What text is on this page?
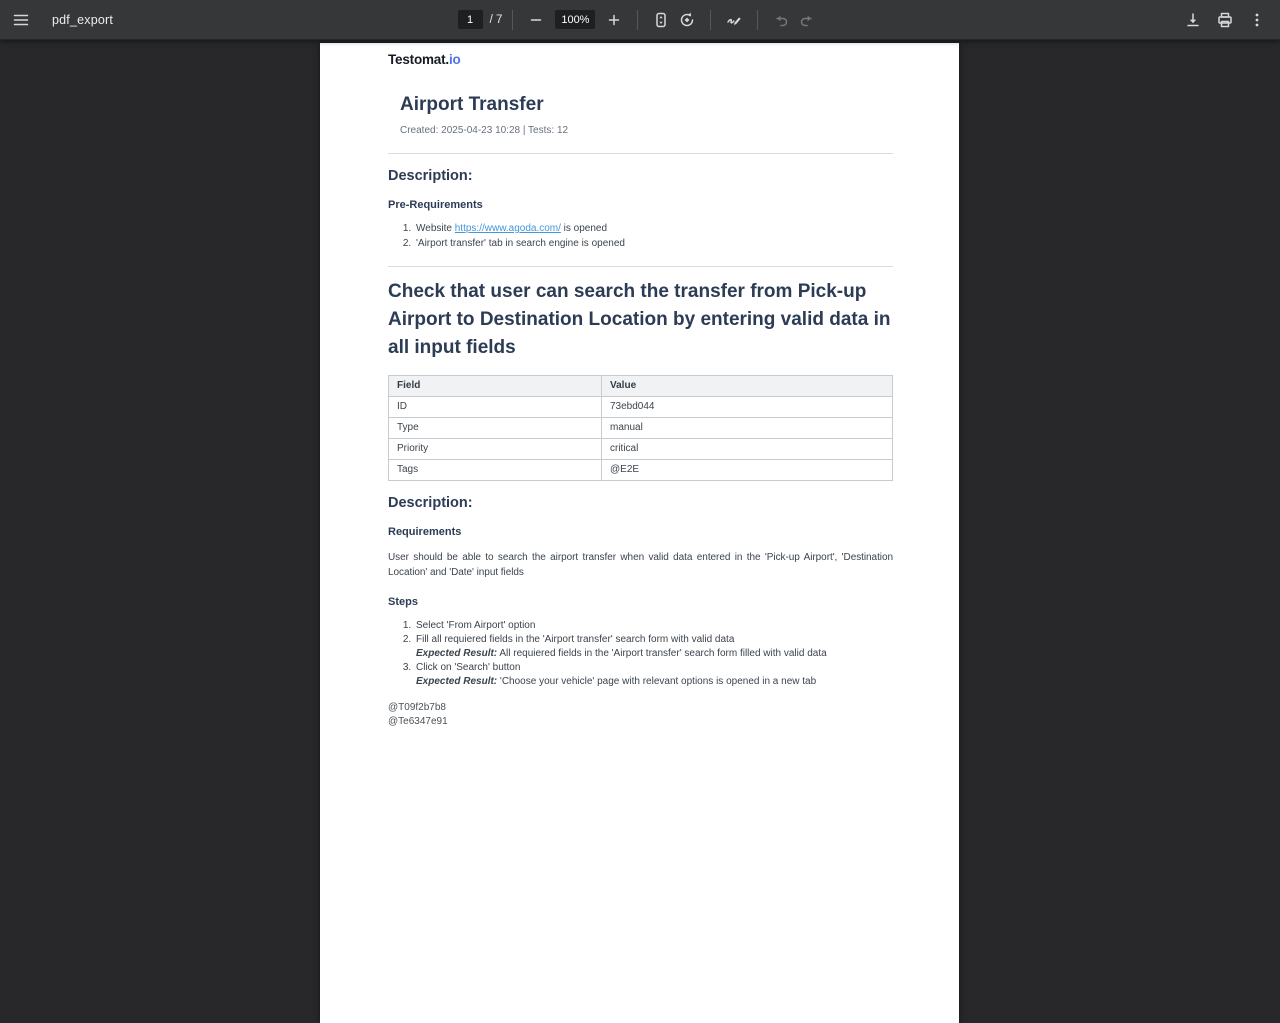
pdf_export
1	/ 7	100%
Testomat.io
Airport Transfer
Created: 2025-04-23 10:28 | Tests: 12
Description:
Pre-Requirements
1. Website https://www.agoda.com/ is opened
2. 'Airport transfer' tab in search engine is opened
Check that user can search the transfer from Pick-up Airport to Destination Location by entering valid data in all input fields
Field	Value
ID	73ebd044
Type	manual
Priority	critical
Tags	@E2E
Description:
Requirements
User should be able to search the airport transfer when valid data entered in the 'Pick-up Airport', 'Destination Location' and 'Date' input fields
Steps
1. Select 'From Airport' option
2. Fill all requiered fields in the 'Airport transfer' search form with valid data
Expected Result: All requiered fields in the 'Airport transfer' search form filled with valid data
3. Click on 'Search' button
Expected Result: 'Choose your vehicle' page with relevant options is opened in a new tab
@T09f2b7b8
@Te6347e91
